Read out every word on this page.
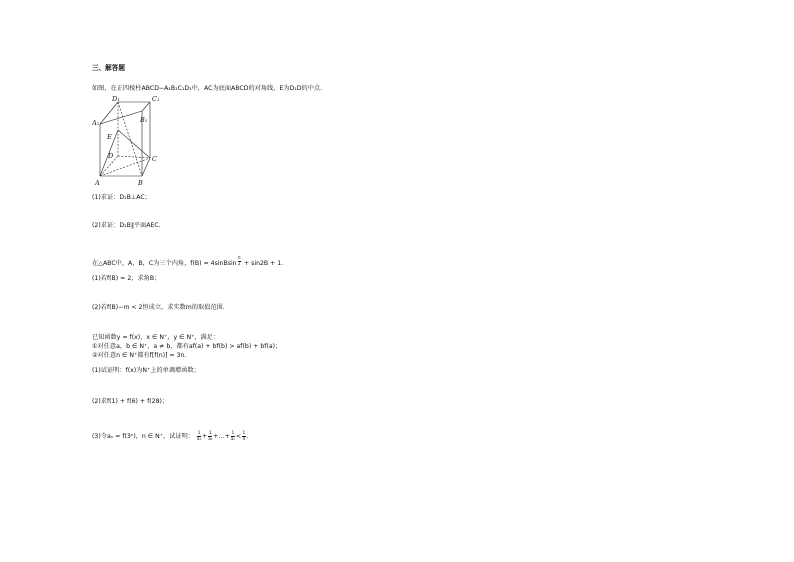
三、解答题
如图，在正四棱柱ABCD−A₁B₁C₁D₁中，AC为底面ABCD的对角线，E为D₁D的中点.
D₁	C₁
A₁	B₁
E
D	C
A	B
(1)求证：D₁B⊥AC；
(2)求证：D₁B∥平面AEC.
在△ABC中，A，B，C为三个内角，f(B) = 4sinBsin $^{\frac{\pi}{2}}$ + sin2B + 1.
(1)若f(B) = 2，求角B；
(2)若f(B)−m < 2恒成立，求实数m的取值范围.
已知函数y = f(x)，x ∈ N⁺，y ∈ N⁺，满足：
①对任意a，b ∈ N⁺，a ≠ b，都有af(a) + bf(b) > af(b) + bf(a)；
②对任意n ∈ N⁺都有f[f(n)] = 3n.
(1)试证明：f(x)为N⁺上的单调增函数；
(2)求f(1) + f(6) + f(28)；
(3)令aₙ = f(3ⁿ)，n ∈ N⁺，试证明： $\frac{1}{\text{a₁}} + \frac{1}{\text{a₂}}$ +…+ $\frac{1}{\text{aₙ}} < \frac{1}{4}$ .
